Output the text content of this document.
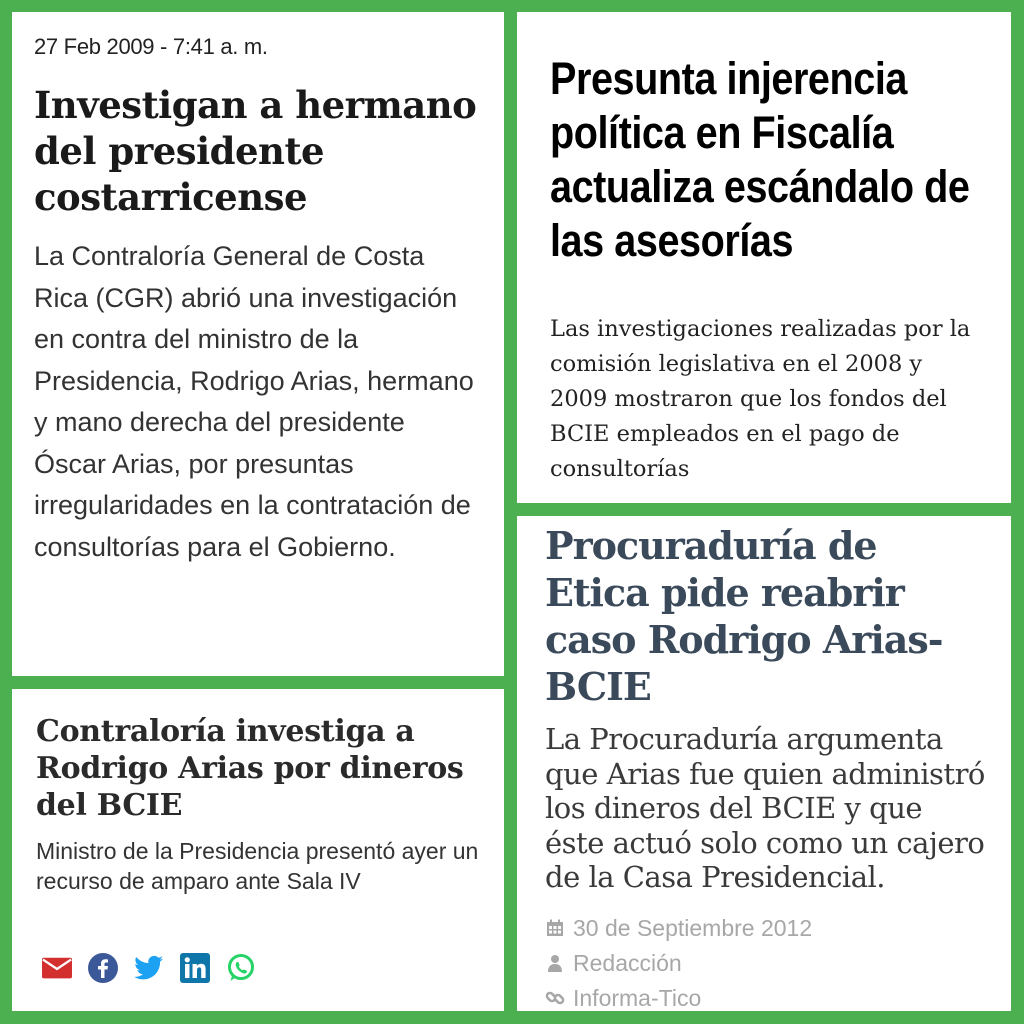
27 Feb 2009 - 7:41 a. m.
Investigan a hermano del presidente costarricense

La Contraloría General de Costa Rica (CGR) abrió una investigación en contra del ministro de la Presidencia, Rodrigo Arias, hermano y mano derecha del presidente Óscar Arias, por presuntas irregularidades en la contratación de consultorías para el Gobierno.

Presunta injerencia política en Fiscalía actualiza escándalo de las asesorías

Las investigaciones realizadas por la comisión legislativa en el 2008 y 2009 mostraron que los fondos del BCIE empleados en el pago de consultorías

Contraloría investiga a Rodrigo Arias por dineros del BCIE

Ministro de la Presidencia presentó ayer un recurso de amparo ante Sala IV

Procuraduría de Etica pide reabrir caso Rodrigo Arias-BCIE

La Procuraduría argumenta que Arias fue quien administró los dineros del BCIE y que éste actuó solo como un cajero de la Casa Presidencial.

30 de Septiembre 2012
Redacción
Informa-Tico
